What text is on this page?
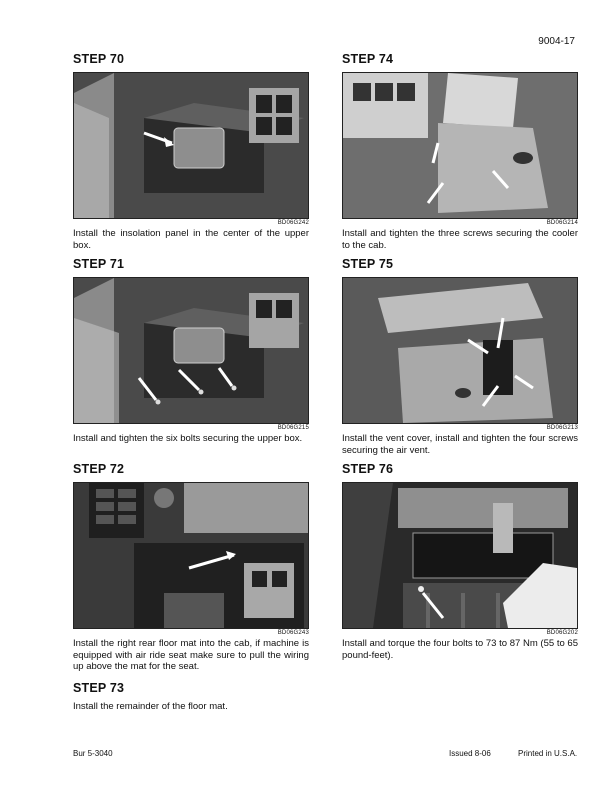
9004-17
STEP 70
BD06G242
Install the insolation panel in the center of the upper box.
STEP 71
BD06G215
Install and tighten the six bolts securing the upper box.
STEP 72
BD06G243
Install the right rear floor mat into the cab, if machine is equipped with air ride seat make sure to pull the wiring up above the mat for the seat.
STEP 73
Install the remainder of the floor mat.
STEP 74
BD06G214
Install and tighten the three screws securing the cooler to the cab.
STEP 75
BD06G213
Install the vent cover, install and tighten the four screws securing the air vent.
STEP 76
BD06G202
Install and torque the four bolts to 73 to 87 Nm (55 to 65 pound-feet).
Bur 5-3040	Issued 8-06	Printed in U.S.A.
